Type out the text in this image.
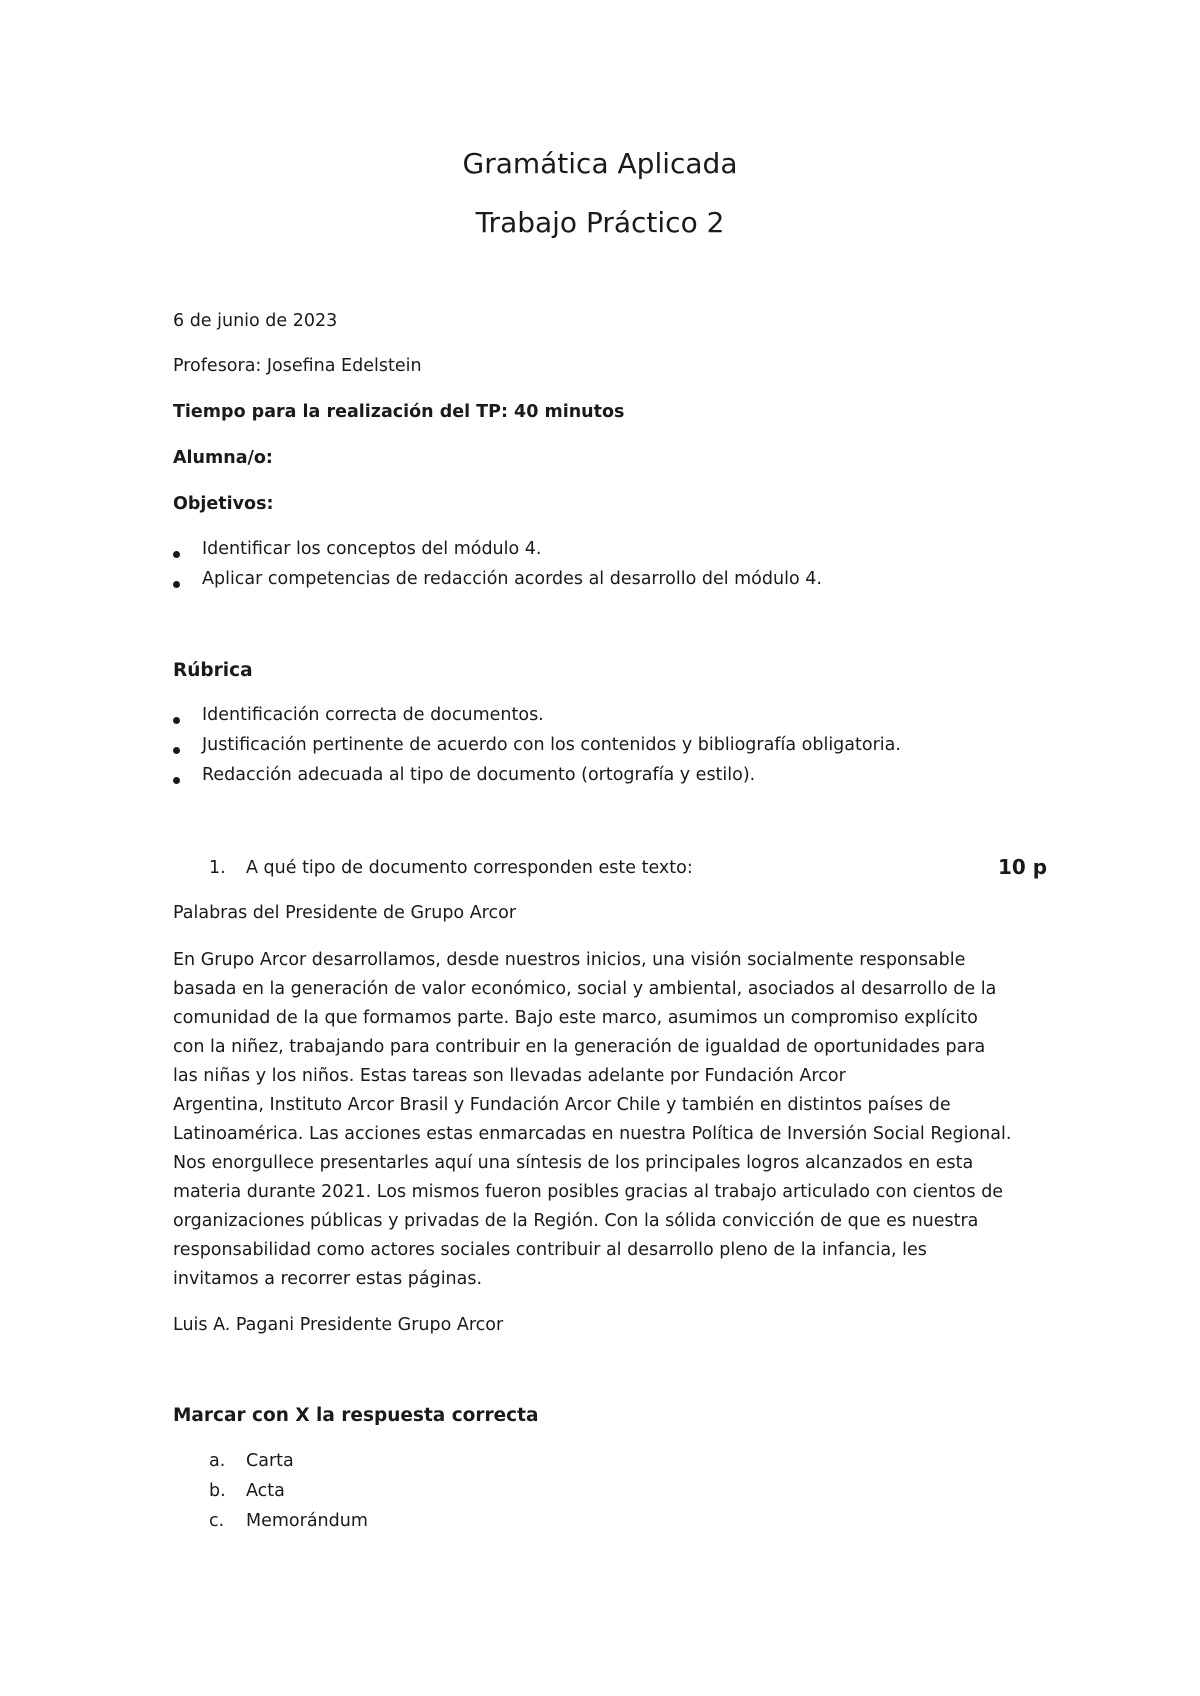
Gramática Aplicada
Trabajo Práctico 2
6 de junio de 2023
Profesora: Josefina Edelstein
Tiempo para la realización del TP: 40 minutos
Alumna/o:
Objetivos:
Identificar los conceptos del módulo 4.
Aplicar competencias de redacción acordes al desarrollo del módulo 4.
Rúbrica
Identificación correcta de documentos.
Justificación pertinente de acuerdo con los contenidos y bibliografía obligatoria.
Redacción adecuada al tipo de documento (ortografía y estilo).
1. A qué tipo de documento corresponden este texto:	10 p
Palabras del Presidente de Grupo Arcor
En Grupo Arcor desarrollamos, desde nuestros inicios, una visión socialmente responsable
basada en la generación de valor económico, social y ambiental, asociados al desarrollo de la
comunidad de la que formamos parte. Bajo este marco, asumimos un compromiso explícito
con la niñez, trabajando para contribuir en la generación de igualdad de oportunidades para
las niñas y los niños. Estas tareas son llevadas adelante por Fundación Arcor
Argentina, Instituto Arcor Brasil y Fundación Arcor Chile y también en distintos países de
Latinoamérica. Las acciones estas enmarcadas en nuestra Política de Inversión Social Regional.
Nos enorgullece presentarles aquí una síntesis de los principales logros alcanzados en esta
materia durante 2021. Los mismos fueron posibles gracias al trabajo articulado con cientos de
organizaciones públicas y privadas de la Región. Con la sólida convicción de que es nuestra
responsabilidad como actores sociales contribuir al desarrollo pleno de la infancia, les
invitamos a recorrer estas páginas.
Luis A. Pagani Presidente Grupo Arcor
Marcar con X la respuesta correcta
a. Carta
b. Acta
c. Memorándum
